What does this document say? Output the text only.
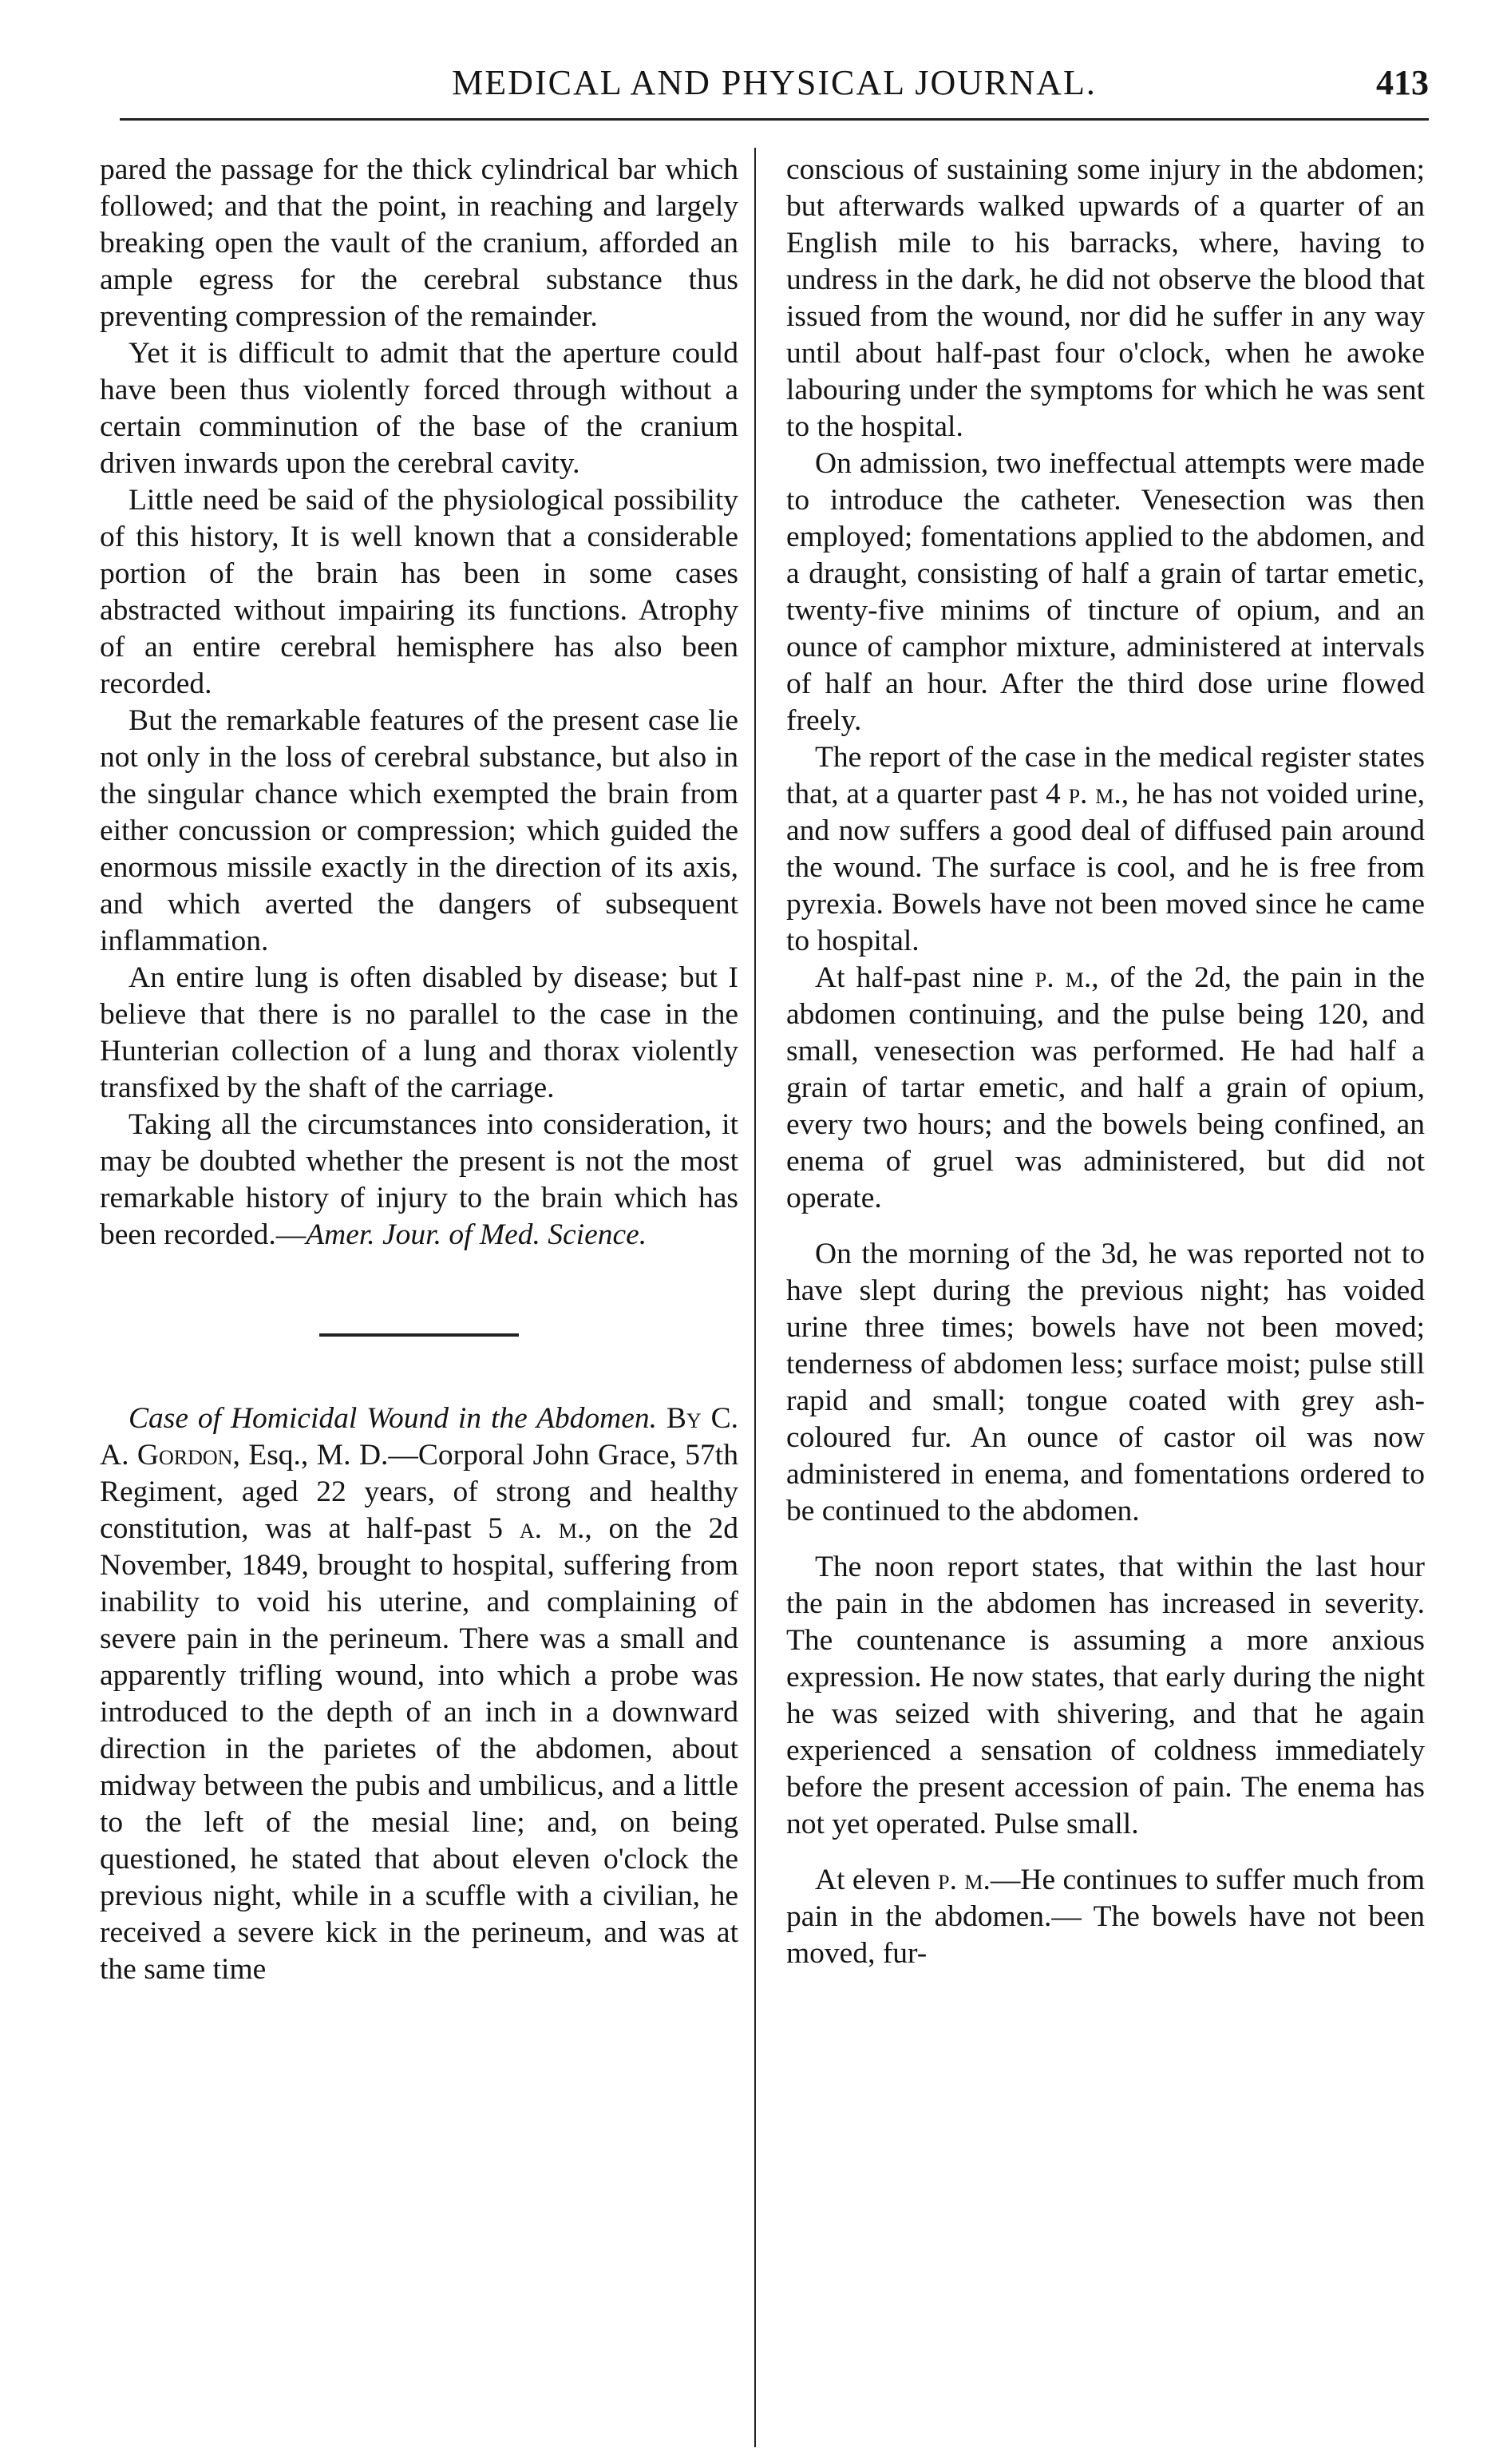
MEDICAL AND PHYSICAL JOURNAL.	413

pared the passage for the thick cylindrical bar which followed; and that the point, in reaching and largely breaking open the vault of the cranium, afforded an ample egress for the cerebral substance thus preventing compression of the remainder.

Yet it is difficult to admit that the aperture could have been thus violently forced through without a certain comminution of the base of the cranium driven inwards upon the cerebral cavity.

Little need be said of the physiological possibility of this history, It is well known that a considerable portion of the brain has been in some cases abstracted without impairing its functions. Atrophy of an entire cerebral hemisphere has also been recorded.

But the remarkable features of the present case lie not only in the loss of cerebral substance, but also in the singular chance which exempted the brain from either concussion or compression; which guided the enormous missile exactly in the direction of its axis, and which averted the dangers of subsequent inflammation.

An entire lung is often disabled by disease; but I believe that there is no parallel to the case in the Hunterian collection of a lung and thorax violently transfixed by the shaft of the carriage.

Taking all the circumstances into consideration, it may be doubted whether the present is not the most remarkable history of injury to the brain which has been recorded.—Amer. Jour. of Med. Science.

Case of Homicidal Wound in the Abdomen. By C. A. Gordon, Esq., M. D.—Corporal John Grace, 57th Regiment, aged 22 years, of strong and healthy constitution, was at half-past 5 a. m., on the 2d November, 1849, brought to hospital, suffering from inability to void his uterine, and complaining of severe pain in the perineum. There was a small and apparently trifling wound, into which a probe was introduced to the depth of an inch in a downward direction in the parietes of the abdomen, about midway between the pubis and umbilicus, and a little to the left of the mesial line; and, on being questioned, he stated that about eleven o'clock the previous night, while in a scuffle with a civilian, he received a severe kick in the perineum, and was at the same time

conscious of sustaining some injury in the abdomen; but afterwards walked upwards of a quarter of an English mile to his barracks, where, having to undress in the dark, he did not observe the blood that issued from the wound, nor did he suffer in any way until about half-past four o'clock, when he awoke labouring under the symptoms for which he was sent to the hospital.

On admission, two ineffectual attempts were made to introduce the catheter. Venesection was then employed; fomentations applied to the abdomen, and a draught, consisting of half a grain of tartar emetic, twenty-five minims of tincture of opium, and an ounce of camphor mixture, administered at intervals of half an hour. After the third dose urine flowed freely.

The report of the case in the medical register states that, at a quarter past 4 p. m., he has not voided urine, and now suffers a good deal of diffused pain around the wound. The surface is cool, and he is free from pyrexia. Bowels have not been moved since he came to hospital.

At half-past nine p. m., of the 2d, the pain in the abdomen continuing, and the pulse being 120, and small, venesection was performed. He had half a grain of tartar emetic, and half a grain of opium, every two hours; and the bowels being confined, an enema of gruel was administered, but did not operate.

On the morning of the 3d, he was reported not to have slept during the previous night; has voided urine three times; bowels have not been moved; tenderness of abdomen less; surface moist; pulse still rapid and small; tongue coated with grey ash-coloured fur. An ounce of castor oil was now administered in enema, and fomentations ordered to be continued to the abdomen.

The noon report states, that within the last hour the pain in the abdomen has increased in severity. The countenance is assuming a more anxious expression. He now states, that early during the night he was seized with shivering, and that he again experienced a sensation of coldness immediately before the present accession of pain. The enema has not yet operated. Pulse small.

At eleven p. m.—He continues to suffer much from pain in the abdomen.— The bowels have not been moved, fur-
